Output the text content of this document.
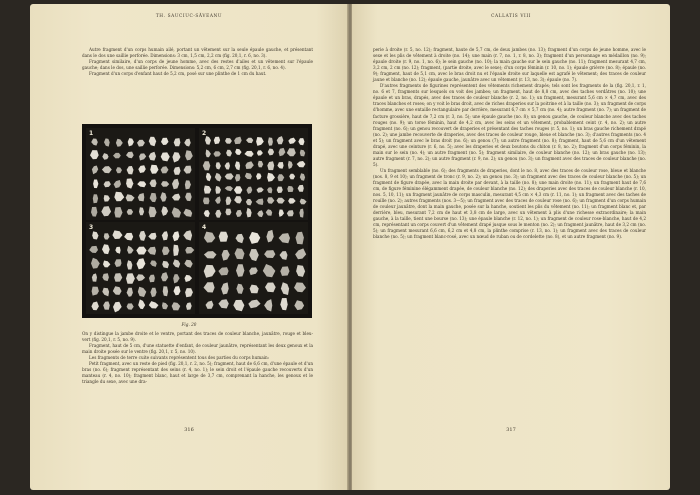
TH. SAUCIUC-SĂVEANU

Autre fragment d'un corps humain ailé, portant un vêtement sur la seule épaule gauche, et présentant dans le dos une saillie perforée. Dimensions: 3 cm, 1,5 cm, 2,2 cm (fig. 20,1, r. 6, no. 3).

Fragment similaire, d'un corps de jeune homme, avec des restes d'ailes et un vêtement sur l'épaule gauche; dans le dos, une saillie perforée. Dimensions: 5,2 cm, 6 cm, 2,7 cm (fig. 20,1, r. 6, no. 4).

Fragment d'un corps d'enfant haut de 5,2 cm, posé sur une plinthe de 1 cm du haut.

1	2
3	4
Fig. 20

On y distingue la jambe droite et le ventre, portant des traces de couleur blanche, jaunâtre, rouge et bleu-vert (fig. 20,1, r. 5, no. 9).

Fragment, haut de 5 cm, d'une statuette d'enfant, de couleur jaunâtre, représentant les deux genoux et la main droite posée sur le ventre (fig. 20,1, r. 5, no. 10).

Les fragments de terre cuite suivants représentent tous des parties du corps humain:

Petit fragment, avec un reste de pied (fig. 20,1, r. 2, no. 5); fragment, haut de 6,6 cm, d'une épaule et d'un bras (no. 6); fragment représentant des seins (r. 4, no. 1); le sein droit et l'épaule gauche recouverts d'un manteau (r. 4, no. 10); fragment blanc, haut et large de 3,7 cm, comprenant la hanche, les genoux et le triangle du sexe, avec une dra-

316
CALLATIS VIII

perie à droite (r. 5, no. 12); fragment, haute de 5,7 cm, de deux jambes (no. 13); fragment d'un corps de jeune homme, avec le sexe et les plis de vêtement à droite (no. 14); une main (r. 7, no. 1, r. 8, no. 3); fragment d'un personnage en médaillon (no. 9); épaule droite (r. 9, no. 1, no. 6); le sein gauche (no. 10); la main gauche sur le sein gauche (no. 11); fragment mesurant 4,7 cm, 3,2 cm, 2 cm (no. 12); fragment, (partie droite, avec le sexe); d'un corps féminin (r. 10, no. 1); épaule grièvre (no. 8); épaule (no. 9); fragment, haut de 5,1 cm, avec le bras droit nu et l'épaule droite sur laquelle est agrafé le vêtement; des traces de couleur jaune et blanche (no. 12); épaule gauche, jaunâtre avec un vêtement (r. 13, no. 3); épaule (no. 7).

D'autres fragments de figurines représentent des vêtements richement drapés; tels sont les fragments de la (fig. 20,1, r. 1, no. 6 et 7, fragments sur lesquels on voit des jambes; un fragment, haut de 8,8 cm, avec des taches verdâtres (no. 10); une épaule et un bras, drapés, avec des traces de couleur blanche (r. 2, no. 1); un fragment, mesurant 5,6 cm × 4,7 cm, avec des traces blanches et roses; on y voit le bras droit, avec de riches draperies sur la poitrine et à la taille (no. 3); un fragment de corps d'homme, avec une entaille rectangulaire par derrière, mesurant 6,7 cm × 5,7 cm (no. 4); autre fragment (no. 7); un fragment de facture grossière, haut de 7,2 cm (r. 3, no. 5); une épaule gauche (no. 8); un genou gauche, de couleur blanche avec des taches rouges (no. 9); un torse féminin, haut de 4,2 cm, avec les seins et un vêtement, probablement ceint (r. 4, no. 2); un autre fragment (no. 6); un genou recouvert de draperies et présentant des taches rouges (r. 5, no. 1); un bras gauche richement drapé (no. 2); une jambe recouverte de draperies, avec des traces de couleur rouge, bleue et blanche (no. 3); d'autres fragments (no. 4 et 5); un fragment avec le bras droit (no. 6); un genou (7); un autre fragment (no. 8); fragment, haut de 5,6 cm d'un vêtement drapé, avec une ceinture (r. 6, no. 5); avec les draperies et deux boutons du chiton (r. 8, no. 2); fragment d'un corps féminin, la main sur le sein (no. 4); un autre fragment (no. 5); fragment similaire, de couleur blanche (no. 12); un bras gauche (no. 13); autre fragment (r. 7, no. 2); un autre fragment (r. 9, no. 2); un genou (no. 3); un fragment avec des traces de couleur blanche (no. 5).

Un fragment semblable (no. 6); des fragments de draperies, dont le no. 8, avec des traces de couleur rose, bleue et blanche (nos. 8, 9 et 10); un fragment de tronc (r. 9, no. 2); un genou (no. 3); un fragment avec des traces de couleur blanche (no. 5); un fragment de figure drapée, avec la main droite par devant, à la taille (no. 8); une main droite (no. 11); un fragment haut de 7,6 cm, de figure féminine élégamment drapée, de couleur blanche (no. 12); des draperies avec des traces de couleur blanche (r. 10, nos. 5, 10, 11); un fragment jaunâtre de corps masculin, mesurant 4,5 cm × 4,3 cm (r. 11, no. 1); un fragment avec des taches de rouille (no. 2); autres fragments (nos. 3—5); un fragment avec des traces de couleur rose (no. 6); un fragment d'un corps humain de couleur jaunâtre, dont la main gauche, posée sur la hanche, soutient les plis du vêtement (no. 11); un fragment blanc et, par derrière, bleu, mesurant 7,2 cm de haut et 3,8 cm de large, avec un vêtement à plis d'une richesse extraordinaire; la main gauche, à la taille, tient une bourse (no. 13); une épaule blanche (r. 12, no. 1); un fragment de couleur rose-blanche, haut de 4,2 cm, représentant un corps couvert d'un vêtement drapé jusque sous le menton (no. 2); un fragment jaunâtre, haut de 3,2 cm (no. 5); un fragment mesurant 6,6 cm, 6,2 cm et 4,8 cm, la plinthe comprise (r. 13, no. 1); un fragment avec des traces de couleur blanche (no. 5); un fragment blanc-rosé, avec un nœud de ruban ou de cordelette (no. 8), et un autre fragment (no. 9).

317
